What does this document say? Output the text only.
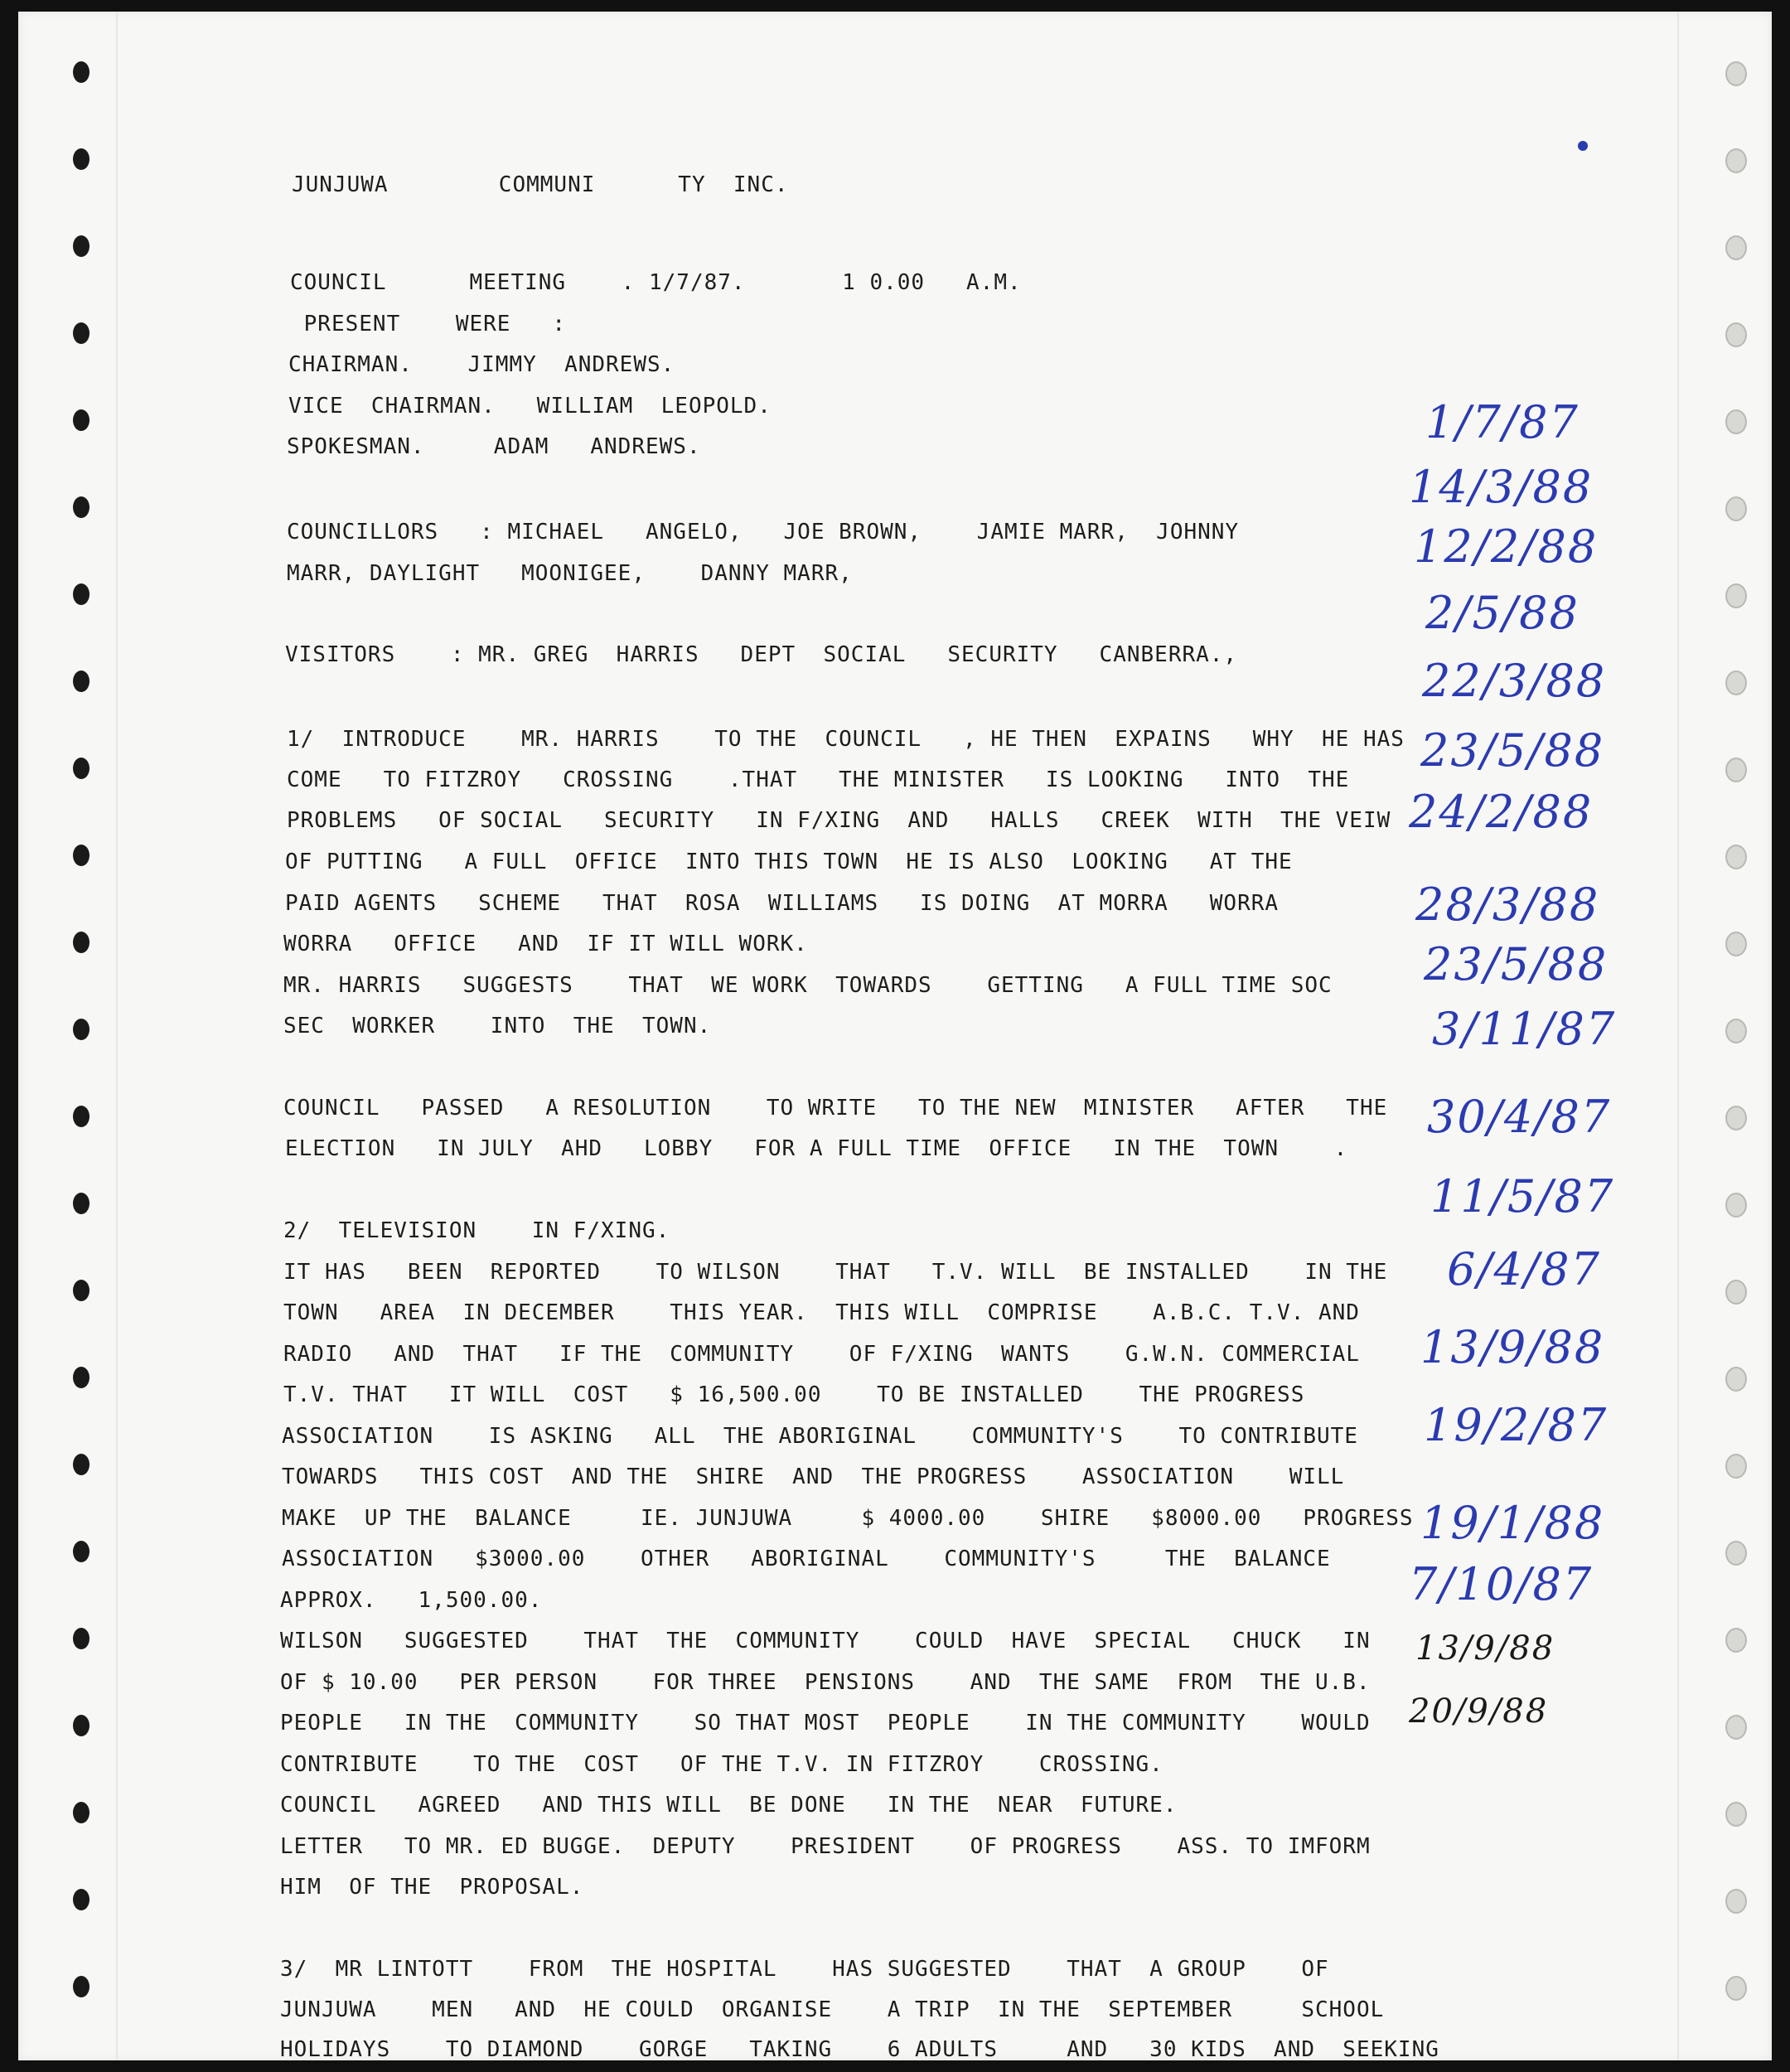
JUNJUWA        COMMUNI      TY  INC.
COUNCIL      MEETING    . 1/7/87.       1 0.00   A.M.
PRESENT    WERE   :
CHAIRMAN.    JIMMY  ANDREWS.
VICE  CHAIRMAN.   WILLIAM  LEOPOLD.
SPOKESMAN.     ADAM   ANDREWS.
COUNCILLORS   : MICHAEL   ANGELO,   JOE BROWN,    JAMIE MARR,  JOHNNY
MARR, DAYLIGHT   MOONIGEE,    DANNY MARR,
VISITORS    : MR. GREG  HARRIS   DEPT  SOCIAL   SECURITY   CANBERRA.,
1/  INTRODUCE    MR. HARRIS    TO THE  COUNCIL   , HE THEN  EXPAINS   WHY  HE HAS
COME   TO FITZROY   CROSSING    .THAT   THE MINISTER   IS LOOKING   INTO  THE
PROBLEMS   OF SOCIAL   SECURITY   IN F/XING  AND   HALLS   CREEK  WITH  THE VEIW
OF PUTTING   A FULL  OFFICE  INTO THIS TOWN  HE IS ALSO  LOOKING   AT THE
PAID AGENTS   SCHEME   THAT  ROSA  WILLIAMS   IS DOING  AT MORRA   WORRA
WORRA   OFFICE   AND  IF IT WILL WORK.
MR. HARRIS   SUGGESTS    THAT  WE WORK  TOWARDS    GETTING   A FULL TIME SOC
SEC  WORKER    INTO  THE  TOWN.
COUNCIL   PASSED   A RESOLUTION    TO WRITE   TO THE NEW  MINISTER   AFTER   THE
ELECTION   IN JULY  AHD   LOBBY   FOR A FULL TIME  OFFICE   IN THE  TOWN    .
2/  TELEVISION    IN F/XING.
IT HAS   BEEN  REPORTED    TO WILSON    THAT   T.V. WILL  BE INSTALLED    IN THE
TOWN   AREA  IN DECEMBER    THIS YEAR.  THIS WILL  COMPRISE    A.B.C. T.V. AND
RADIO   AND  THAT   IF THE  COMMUNITY    OF F/XING  WANTS    G.W.N. COMMERCIAL
T.V. THAT   IT WILL  COST   $ 16,500.00    TO BE INSTALLED    THE PROGRESS
ASSOCIATION    IS ASKING   ALL  THE ABORIGINAL    COMMUNITY'S    TO CONTRIBUTE
TOWARDS   THIS COST  AND THE  SHIRE  AND  THE PROGRESS    ASSOCIATION    WILL
MAKE  UP THE  BALANCE     IE. JUNJUWA     $ 4000.00    SHIRE   $8000.00   PROGRESS
ASSOCIATION   $3000.00    OTHER   ABORIGINAL    COMMUNITY'S     THE  BALANCE
APPROX.   1,500.00.
WILSON   SUGGESTED    THAT  THE  COMMUNITY    COULD  HAVE  SPECIAL   CHUCK   IN
OF $ 10.00   PER PERSON    FOR THREE  PENSIONS    AND  THE SAME  FROM  THE U.B.
PEOPLE   IN THE  COMMUNITY    SO THAT MOST  PEOPLE    IN THE COMMUNITY    WOULD
CONTRIBUTE    TO THE  COST   OF THE T.V. IN FITZROY    CROSSING.
COUNCIL   AGREED   AND THIS WILL  BE DONE   IN THE  NEAR  FUTURE.
LETTER   TO MR. ED BUGGE.  DEPUTY    PRESIDENT    OF PROGRESS    ASS. TO IMFORM
HIM  OF THE  PROPOSAL.
3/  MR LINTOTT    FROM  THE HOSPITAL    HAS SUGGESTED    THAT  A GROUP    OF
JUNJUWA    MEN   AND  HE COULD  ORGANISE    A TRIP  IN THE  SEPTEMBER     SCHOOL
HOLIDAYS    TO DIAMOND    GORGE   TAKING    6 ADULTS     AND   30 KIDS  AND  SEEKING
1/7/87
14/3/88
12/2/88
2/5/88
22/3/88
23/5/88
24/2/88
28/3/88
23/5/88
3/11/87
30/4/87
11/5/87
6/4/87
13/9/88
19/2/87
19/1/88
7/10/87
13/9/88
20/9/88
